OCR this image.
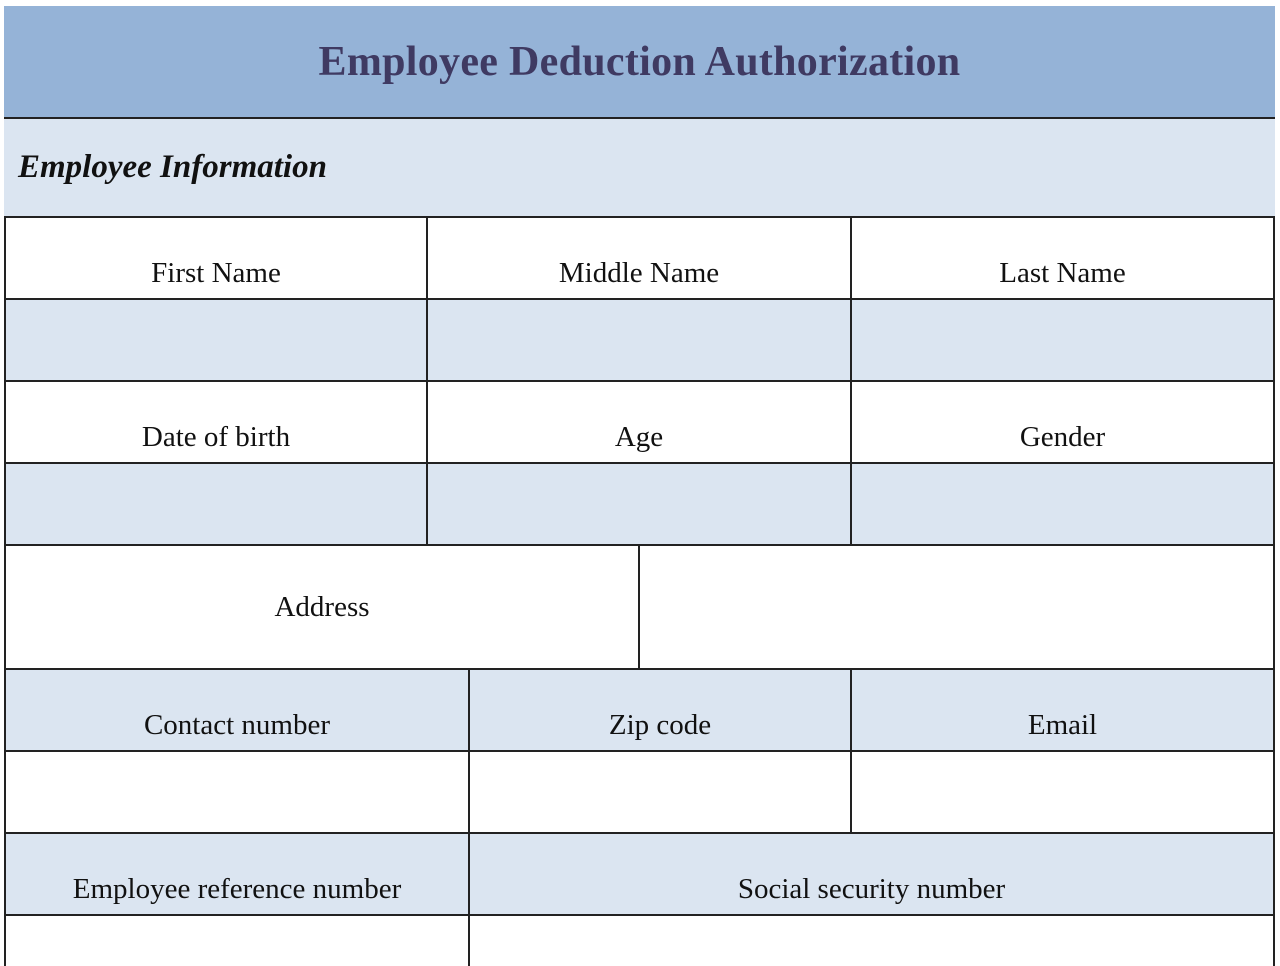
Employee Deduction Authorization
Employee Information
First Name	Middle Name	Last Name
Date of birth	Age	Gender
Address
Contact number	Zip code	Email
Employee reference number	Social security number
